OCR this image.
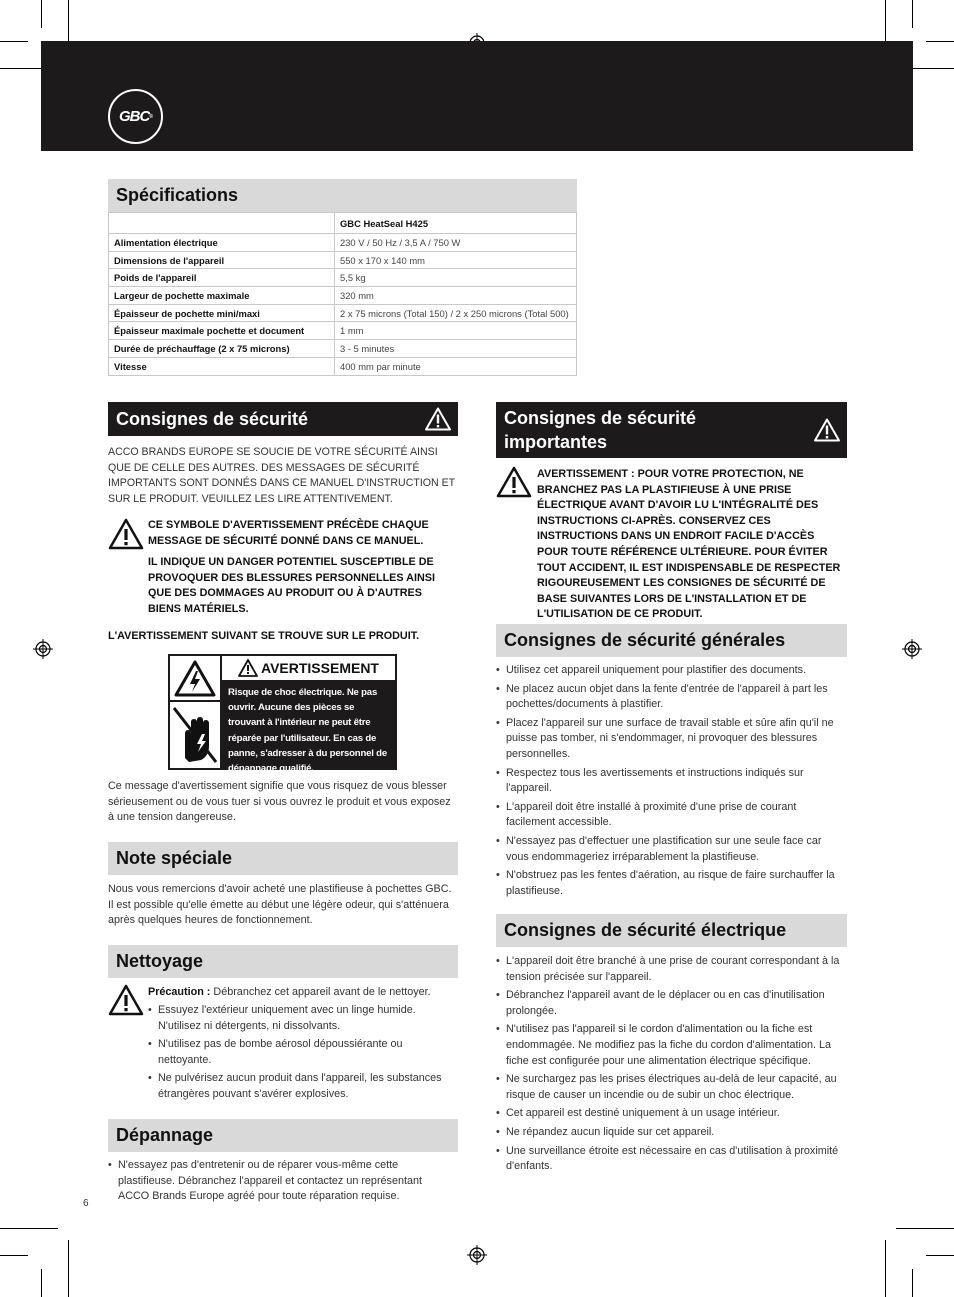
GBC ®
Spécifications
	GBC HeatSeal H425
Alimentation électrique	230 V / 50 Hz / 3,5 A / 750 W
Dimensions de l'appareil	550 x 170 x 140 mm
Poids de l'appareil	5,5 kg
Largeur de pochette maximale	320 mm
Épaisseur de pochette mini/maxi	2 x 75 microns (Total 150) / 2 x 250 microns (Total 500)
Épaisseur maximale pochette et document	1 mm
Durée de préchauffage (2 x 75 microns)	3 - 5 minutes
Vitesse	400 mm par minute
Consignes de sécurité
ACCO BRANDS EUROPE SE SOUCIE DE VOTRE SÉCURITÉ AINSI QUE DE CELLE DES AUTRES. DES MESSAGES DE SÉCURITÉ IMPORTANTS SONT DONNÉS DANS CE MANUEL D'INSTRUCTION ET SUR LE PRODUIT. VEUILLEZ LES LIRE ATTENTIVEMENT.
CE SYMBOLE D'AVERTISSEMENT PRÉCÈDE CHAQUE MESSAGE DE SÉCURITÉ DONNÉ DANS CE MANUEL.
IL INDIQUE UN DANGER POTENTIEL SUSCEPTIBLE DE PROVOQUER DES BLESSURES PERSONNELLES AINSI QUE DES DOMMAGES AU PRODUIT OU À D'AUTRES BIENS MATÉRIELS.
L'AVERTISSEMENT SUIVANT SE TROUVE SUR LE PRODUIT.
AVERTISSEMENT
Risque de choc électrique. Ne pas ouvrir. Aucune des pièces se trouvant à l'intérieur ne peut être réparée par l'utilisateur. En cas de panne, s'adresser à du personnel de dépannage qualifié.
Ce message d'avertissement signifie que vous risquez de vous blesser sérieusement ou de vous tuer si vous ouvrez le produit et vous exposez à une tension dangereuse.
Note spéciale
Nous vous remercions d'avoir acheté une plastifieuse à pochettes GBC. Il est possible qu'elle émette au début une légère odeur, qui s'atténuera après quelques heures de fonctionnement.
Nettoyage
Précaution : Débranchez cet appareil avant de le nettoyer.
• Essuyez l'extérieur uniquement avec un linge humide. N'utilisez ni détergents, ni dissolvants.
• N'utilisez pas de bombe aérosol dépoussiérante ou nettoyante.
• Ne pulvérisez aucun produit dans l'appareil, les substances étrangères pouvant s'avérer explosives.
Dépannage
• N'essayez pas d'entretenir ou de réparer vous-même cette plastifieuse. Débranchez l'appareil et contactez un représentant ACCO Brands Europe agréé pour toute réparation requise.
Consignes de sécurité
importantes
AVERTISSEMENT : POUR VOTRE PROTECTION, NE BRANCHEZ PAS LA PLASTIFIEUSE À UNE PRISE ÉLECTRIQUE AVANT D'AVOIR LU L'INTÉGRALITÉ DES INSTRUCTIONS CI-APRÈS. CONSERVEZ CES INSTRUCTIONS DANS UN ENDROIT FACILE D'ACCÈS POUR TOUTE RÉFÉRENCE ULTÉRIEURE. POUR ÉVITER TOUT ACCIDENT, IL EST INDISPENSABLE DE RESPECTER RIGOUREUSEMENT LES CONSIGNES DE SÉCURITÉ DE BASE SUIVANTES LORS DE L'INSTALLATION ET DE L'UTILISATION DE CE PRODUIT.
Consignes de sécurité générales
• Utilisez cet appareil uniquement pour plastifier des documents.
• Ne placez aucun objet dans la fente d'entrée de l'appareil à part les pochettes/documents à plastifier.
• Placez l'appareil sur une surface de travail stable et sûre afin qu'il ne puisse pas tomber, ni s'endommager, ni provoquer des blessures personnelles.
• Respectez tous les avertissements et instructions indiqués sur l'appareil.
• L'appareil doit être installé à proximité d'une prise de courant facilement accessible.
• N'essayez pas d'effectuer une plastification sur une seule face car vous endommageriez irréparablement la plastifieuse.
• N'obstruez pas les fentes d'aération, au risque de faire surchauffer la plastifieuse.
Consignes de sécurité électrique
• L'appareil doit être branché à une prise de courant correspondant à la tension précisée sur l'appareil.
• Débranchez l'appareil avant de le déplacer ou en cas d'inutilisation prolongée.
• N'utilisez pas l'appareil si le cordon d'alimentation ou la fiche est endommagée. Ne modifiez pas la fiche du cordon d'alimentation. La fiche est configurée pour une alimentation électrique spécifique.
• Ne surchargez pas les prises électriques au-delà de leur capacité, au risque de causer un incendie ou de subir un choc électrique.
• Cet appareil est destiné uniquement à un usage intérieur.
• Ne répandez aucun liquide sur cet appareil.
• Une surveillance étroite est nécessaire en cas d'utilisation à proximité d'enfants.
6
